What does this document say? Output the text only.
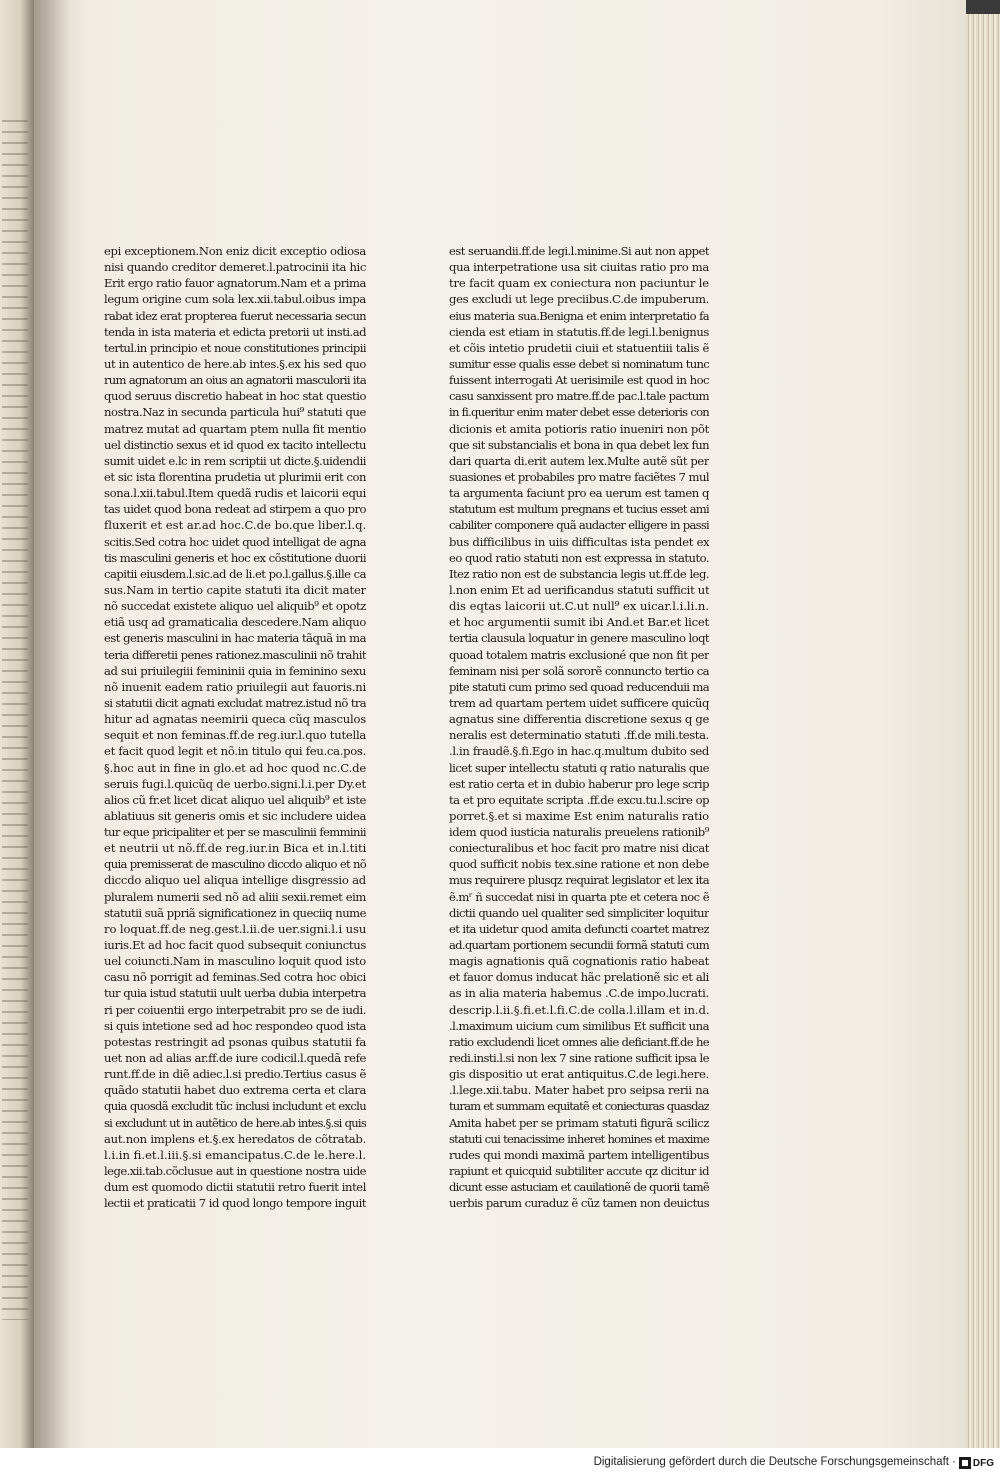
epi exceptionem.Non eniz dicit exceptio odiosa
nisi quando creditor demeret.l.patrocinii ita hic
Erit ergo ratio fauor agnatorum.Nam et a prima
legum origine cum sola lex.xii.tabul.oibus impa
rabat idez erat propterea fuerut necessaria secun
tenda in ista materia et edicta pretorii ut insti.ad
tertul.in principio et noue constitutiones principii
ut in autentico de here.ab intes.§.ex his sed quo
rum agnatorum an oius an agnatorii masculorii ita
quod seruus discretio habeat in hoc stat questio
nostra.Naz in secunda particula hui⁹ statuti que
matrez mutat ad quartam ptem nulla fit mentio
uel distinctio sexus et id quod ex tacito intellectu
sumit uidet e.lc in rem scriptii ut dicte.§.uidendii
et sic ista florentina prudetia ut plurimii erit con
sona.l.xii.tabul.Item quedã rudis et laicorii equi
tas uidet quod bona redeat ad stirpem a quo pro
fluxerit et est ar.ad hoc.C.de bo.que liber.l.q.
scitis.Sed cotra hoc uidet quod intelligat de agna
tis masculini generis et hoc ex cõstitutione duorii
capitii eiusdem.l.sic.ad de li.et po.l.gallus.§.ille ca
sus.Nam in tertio capite statuti ita dicit mater
nõ succedat existete aliquo uel aliquib⁹ et opotz
etiã usq ad gramaticalia descedere.Nam aliquo
est generis masculini in hac materia tãquã in ma
teria differetii penes rationez.masculinii nõ trahit
ad sui priuilegiii femininii quia in feminino sexu
nõ inuenit eadem ratio priuilegii aut fauoris.ni
si statutii dicit agnati excludat matrez.istud nõ tra
hitur ad agnatas neemirii queca cũq masculos
sequit et non feminas.ff.de reg.iur.l.quo tutella
et facit quod legit et nõ.in titulo qui feu.ca.pos.
§.hoc aut in fine in glo.et ad hoc quod nc.C.de
seruis fugi.l.quicũq de uerbo.signi.l.i.per Dy.et
alios cũ fr.et licet dicat aliquo uel aliquib⁹ et iste
ablatiuus sit generis omis et sic includere uidea
tur eque pricipaliter et per se masculinii femminii
et neutrii ut nõ.ff.de reg.iur.in Bica et in.l.titi
quia premisserat de masculino diccdo aliquo et nõ
diccdo aliquo uel aliqua intellige disgressio ad
pluralem numerii sed nõ ad aliii sexii.remet eim
statutii suã ppriã significationez in queciiq nume
ro loquat.ff.de neg.gest.l.ii.de uer.signi.l.i usu
iuris.Et ad hoc facit quod subsequit coniunctus
uel coiuncti.Nam in masculino loquit quod isto
casu nõ porrigit ad feminas.Sed cotra hoc obici
tur quia istud statutii uult uerba dubia interpetra
ri per coiuentii ergo interpetrabit pro se de iudi.
si quis intetione sed ad hoc respondeo quod ista
potestas restringit ad psonas quibus statutii fa
uet non ad alias ar.ff.de iure codicil.l.quedã refe
runt.ff.de in diẽ adiec.l.si predio.Tertius casus ẽ
quãdo statutii habet duo extrema certa et clara
quia quosdã excludit tũc inclusi includunt et exclu
si excludunt ut in autẽtico de here.ab intes.§.si quis
aut.non implens et.§.ex heredatos de cõtratab.
l.i.in fi.et.l.iii.§.si emancipatus.C.de le.here.l.
lege.xii.tab.cõclusue aut in questione nostra uide
dum est quomodo dictii statutii retro fuerit intel
lectii et praticatii 7 id quod longo tempore inguit
est seruandii.ff.de legi.l.minime.Si aut non appet
qua interpetratione usa sit ciuitas ratio pro ma
tre facit quam ex coniectura non paciuntur le
ges excludi ut lege preciibus.C.de impuberum.
eius materia sua.Benigna et enim interpretatio fa
cienda est etiam in statutis.ff.de legi.l.benignus
et cõis intetio prudetii ciuii et statuentiii talis ẽ
sumitur esse qualis esse debet si nominatum tunc
fuissent interrogati At uerisimile est quod in hoc
casu sanxissent pro matre.ff.de pac.l.tale pactum
in fi.queritur enim mater debet esse deterioris con
dicionis et amita potioris ratio inueniri non põt
que sit substancialis et bona in qua debet lex fun
dari quarta di.erit autem lex.Multe autẽ sũt per
suasiones et probabiles pro matre faciẽtes 7 mul
ta argumenta faciunt pro ea uerum est tamen q
statutum est multum pregnans et tucius esset ami
cabiliter componere quã audacter elligere in passi
bus difficilibus in uiis difficultas ista pendet ex
eo quod ratio statuti non est expressa in statuto.
Itez ratio non est de substancia legis ut.ff.de leg.
l.non enim Et ad uerificandus statuti sufficit ut
dis eqtas laicorii ut.C.ut null⁹ ex uicar.l.i.li.n.
et hoc argumentii sumit ibi And.et Bar.et licet
tertia clausula loquatur in genere masculino loqt
quoad totalem matris exclusioné que non fit per
feminam nisi per solã sororẽ connuncto tertio ca
pite statuti cum primo sed quoad reducenduii ma
trem ad quartam pertem uidet sufficere quicũq
agnatus sine differentia discretione sexus q ge
neralis est determinatio statuti .ff.de mili.testa.
.l.in fraudẽ.§.fi.Ego in hac.q.multum dubito sed
licet super intellectu statuti q ratio naturalis que
est ratio certa et in dubio haberur pro lege scrip
ta et pro equitate scripta .ff.de excu.tu.l.scire op
porret.§.et si maxime Est enim naturalis ratio
idem quod iusticia naturalis preuelens rationib⁹
coniecturalibus et hoc facit pro matre nisi dicat
quod sufficit nobis tex.sine ratione et non debe
mus requirere plusqz requirat legislator et lex ita
ẽ.mʳ ñ succedat nisi in quarta pte et cetera noc ẽ
dictii quando uel qualiter sed simpliciter loquitur
et ita uidetur quod amita defuncti coartet matrez
ad.quartam portionem secundii formã statuti cum
magis agnationis quã cognationis ratio habeat
et fauor domus inducat hãc prelationẽ sic et ali
as in alia materia habemus .C.de impo.lucrati.
descrip.l.ii.§.fi.et.l.fi.C.de colla.l.illam et in.d.
.l.maximum uicium cum similibus Et sufficit una
ratio excludendi licet omnes alie deficiant.ff.de he
redi.insti.l.si non lex 7 sine ratione sufficit ipsa le
gis dispositio ut erat antiquitus.C.de legi.here.
.l.lege.xii.tabu. Mater habet pro seipsa rerii na
turam et summam equitatẽ et coniecturas quasdaz
Amita habet per se primam statuti figurã scilicz
statuti cui tenacissime inheret homines et maxime
rudes qui mondi maximã partem intelligentibus
rapiunt et quicquid subtiliter accute qz dicitur id
dicunt esse astuciam et cauilationẽ de quorii tamẽ
uerbis parum curaduz ẽ cũz tamen non deuictus
Digitalisierung gefördert durch die Deutsche Forschungsgemeinschaft · DFG
